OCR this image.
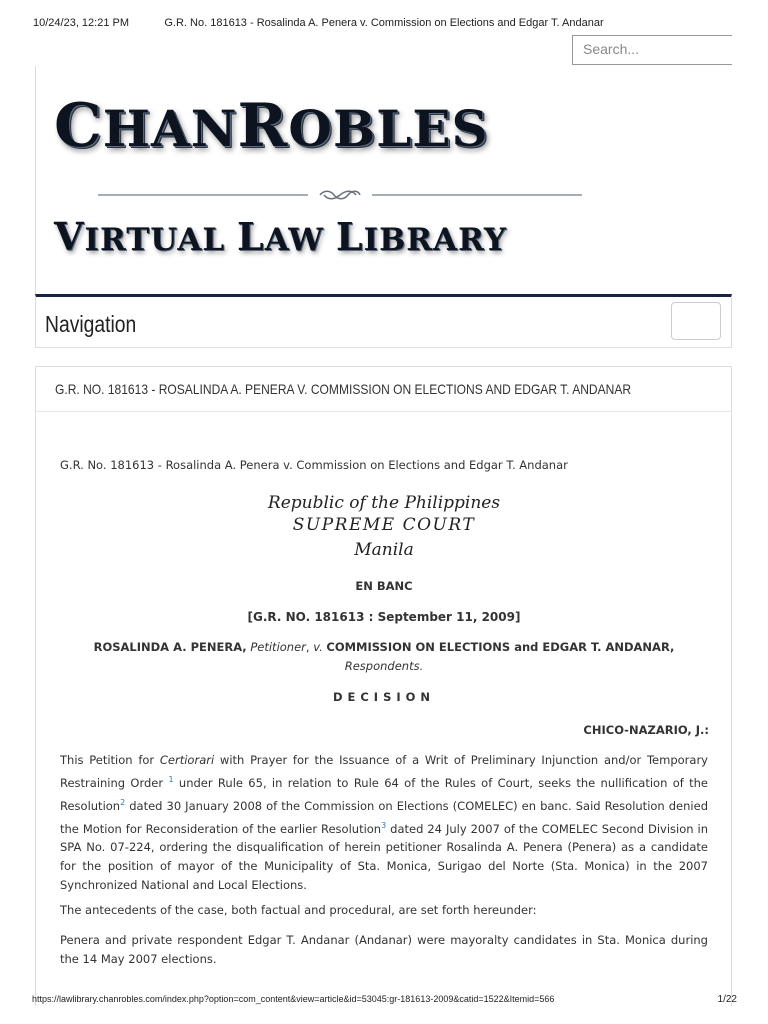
10/24/23, 12:21 PM	G.R. No. 181613 - Rosalinda A. Penera v. Commission on Elections and Edgar T. Andanar
Search...
CHANROBLES
VIRTUAL LAW LIBRARY
Navigation
G.R. NO. 181613 - ROSALINDA A. PENERA V. COMMISSION ON ELECTIONS AND EDGAR T. ANDANAR
G.R. No. 181613 - Rosalinda A. Penera v. Commission on Elections and Edgar T. Andanar
Republic of the Philippines
SUPREME COURT
Manila
EN BANC
[G.R. NO. 181613 : September 11, 2009]
ROSALINDA A. PENERA, Petitioner, v. COMMISSION ON ELECTIONS and EDGAR T. ANDANAR,
Respondents.
DECISION
CHICO-NAZARIO, J.:
This Petition for Certiorari with Prayer for the Issuance of a Writ of Preliminary Injunction and/or Temporary Restraining Order $^1$ under Rule 65, in relation to Rule 64 of the Rules of Court, seeks the nullification of the Resolution$^2$ dated 30 January 2008 of the Commission on Elections (COMELEC) en banc. Said Resolution denied the Motion for Reconsideration of the earlier Resolution$^3$ dated 24 July 2007 of the COMELEC Second Division in SPA No. 07-224, ordering the disqualification of herein petitioner Rosalinda A. Penera (Penera) as a candidate for the position of mayor of the Municipality of Sta. Monica, Surigao del Norte (Sta. Monica) in the 2007 Synchronized National and Local Elections.
The antecedents of the case, both factual and procedural, are set forth hereunder:
Penera and private respondent Edgar T. Andanar (Andanar) were mayoralty candidates in Sta. Monica during the 14 May 2007 elections.
https://lawlibrary.chanrobles.com/index.php?option=com_content&view=article&id=53045:gr-181613-2009&catid=1522&Itemid=566	1/22
